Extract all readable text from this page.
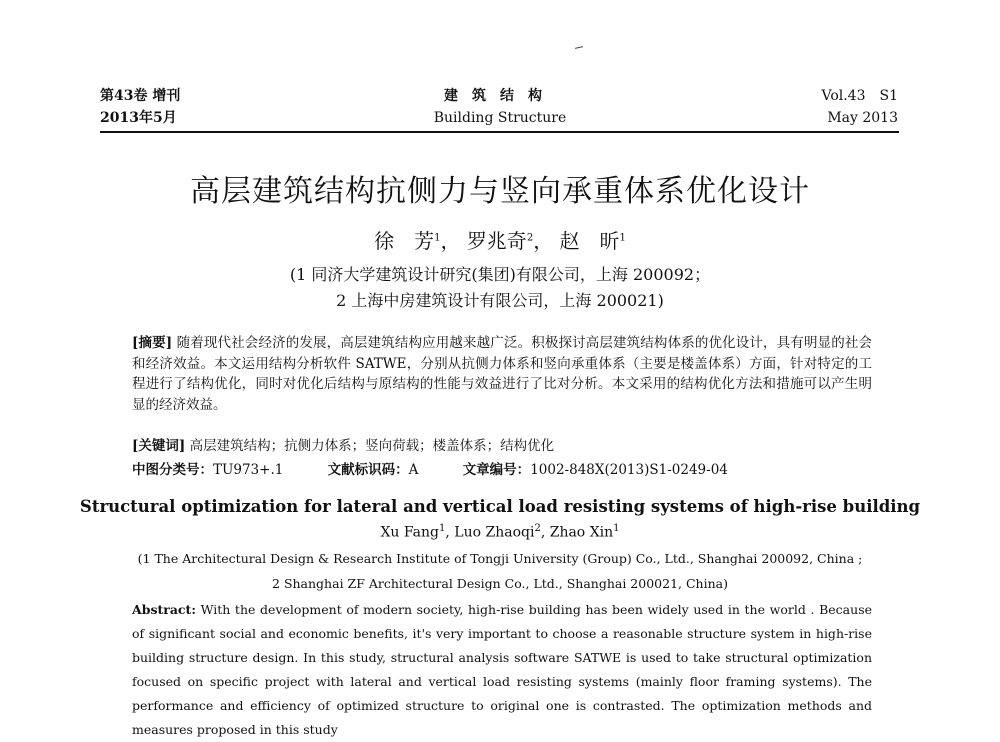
第43卷 增刊
2013年5月
建筑结构
Building Structure
Vol.43　S1
May 2013
高层建筑结构抗侧力与竖向承重体系优化设计
徐　芳$^1$， 罗兆奇$^2$， 赵　昕$^1$
(1 同济大学建筑设计研究(集团)有限公司，上海 200092；
2 上海中房建筑设计有限公司，上海 200021)
[摘要] 随着现代社会经济的发展，高层建筑结构应用越来越广泛。积极探讨高层建筑结构体系的优化设计，具有明显的社会和经济效益。本文运用结构分析软件 SATWE，分别从抗侧力体系和竖向承重体系（主要是楼盖体系）方面，针对特定的工程进行了结构优化，同时对优化后结构与原结构的性能与效益进行了比对分析。本文采用的结构优化方法和措施可以产生明显的经济效益。
[关键词] 高层建筑结构；抗侧力体系；竖向荷载；楼盖体系；结构优化
中图分类号：TU973+.1	文献标识码：A	文章编号：1002-848X(2013)S1-0249-04
Structural optimization for lateral and vertical load resisting systems of high-rise building
Xu Fang$^1$, Luo Zhaoqi$^2$, Zhao Xin$^1$
(1 The Architectural Design & Research Institute of Tongji University (Group) Co., Ltd., Shanghai 200092, China ;
2 Shanghai ZF Architectural Design Co., Ltd., Shanghai 200021, China)
Abstract: With the development of modern society, high-rise building has been widely used in the world . Because of significant social and economic benefits, it's very important to choose a reasonable structure system in high-rise building structure design. In this study, structural analysis software SATWE is used to take structural optimization focused on specific project with lateral and vertical load resisting systems (mainly floor framing systems). The performance and efficiency of optimized structure to original one is contrasted. The optimization methods and measures proposed in this study
